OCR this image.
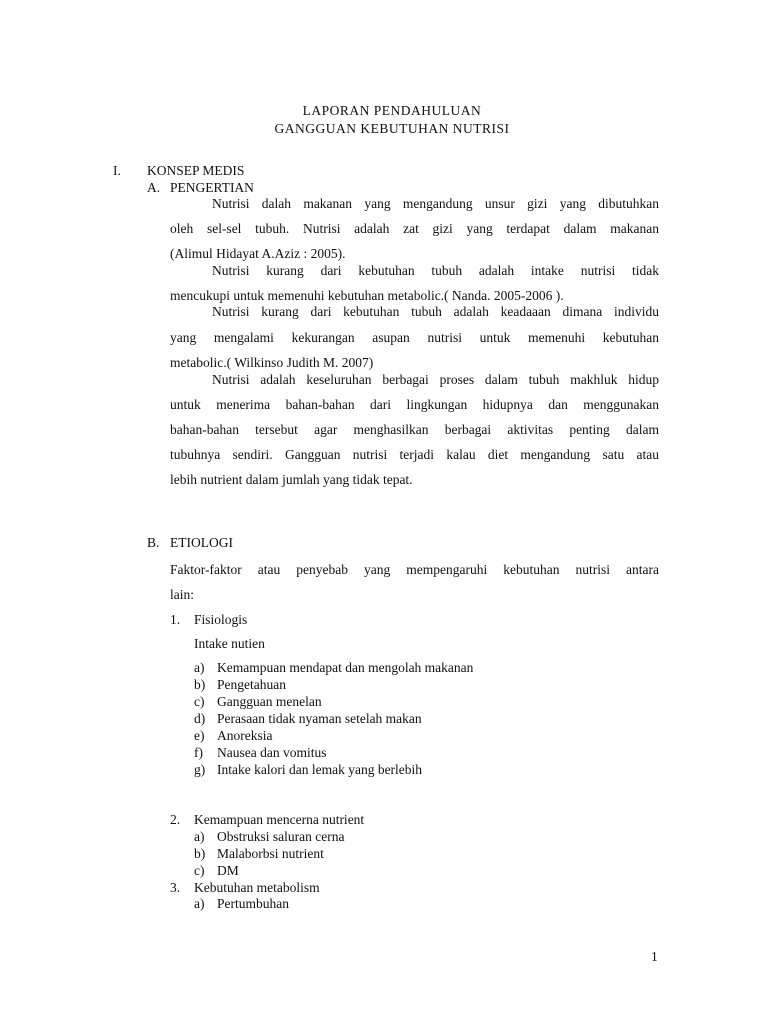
LAPORAN PENDAHULUAN
GANGGUAN KEBUTUHAN NUTRISI
I. KONSEP MEDIS
A. PENGERTIAN
Nutrisi dalah makanan yang mengandung unsur gizi yang dibutuhkan
oleh sel-sel tubuh. Nutrisi adalah zat gizi yang terdapat dalam makanan
(Alimul Hidayat A.Aziz : 2005).
Nutrisi kurang dari kebutuhan tubuh adalah intake nutrisi tidak
mencukupi untuk memenuhi kebutuhan metabolic.( Nanda. 2005-2006 ).
Nutrisi kurang dari kebutuhan tubuh adalah keadaaan dimana individu
yang mengalami kekurangan asupan nutrisi untuk memenuhi kebutuhan
metabolic.( Wilkinso Judith M. 2007)
Nutrisi adalah keseluruhan berbagai proses dalam tubuh makhluk hidup
untuk menerima bahan-bahan dari lingkungan hidupnya dan menggunakan
bahan-bahan tersebut agar menghasilkan berbagai aktivitas penting dalam
tubuhnya sendiri. Gangguan nutrisi terjadi kalau diet mengandung satu atau
lebih nutrient dalam jumlah yang tidak tepat.
B. ETIOLOGI
Faktor-faktor atau penyebab yang mempengaruhi kebutuhan nutrisi antara
lain:
1. Fisiologis
Intake nutien
a) Kemampuan mendapat dan mengolah makanan
b) Pengetahuan
c) Gangguan menelan
d) Perasaan tidak nyaman setelah makan
e) Anoreksia
f) Nausea dan vomitus
g) Intake kalori dan lemak yang berlebih
2. Kemampuan mencerna nutrient
a) Obstruksi saluran cerna
b) Malaborbsi nutrient
c) DM
3. Kebutuhan metabolism
a) Pertumbuhan
1
